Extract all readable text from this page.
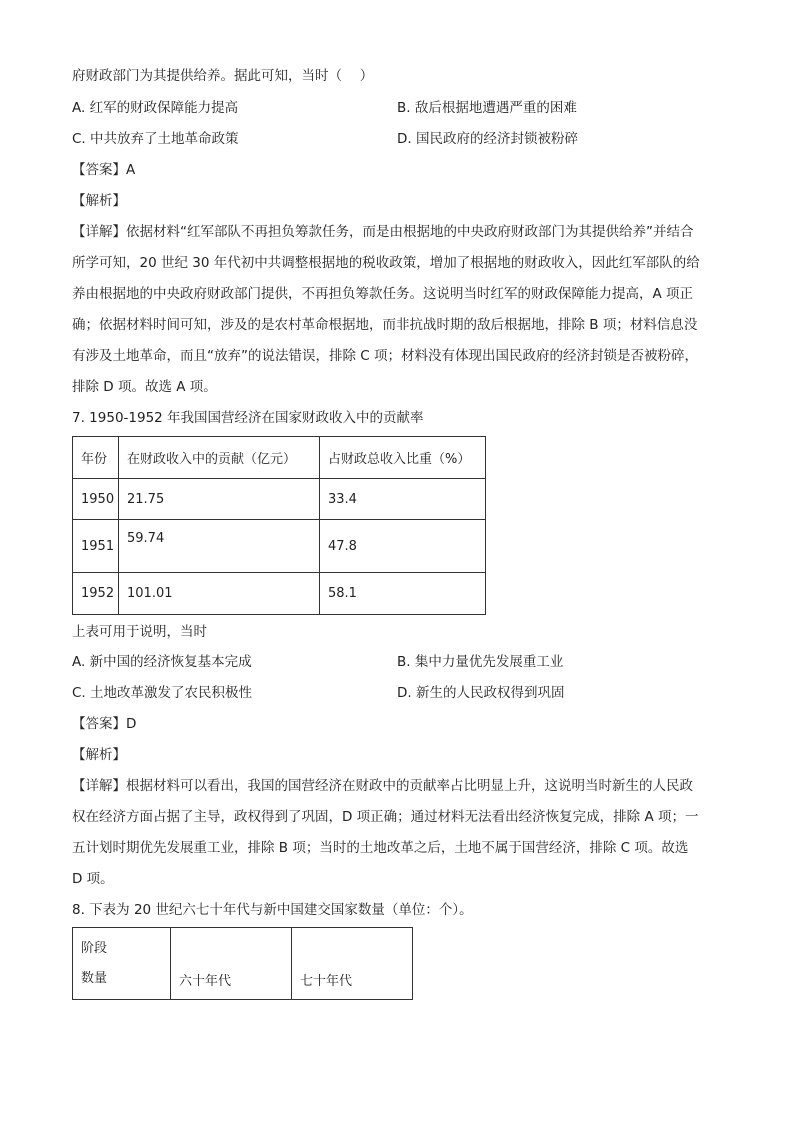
府财政部门为其提供给养。据此可知，当时（　 ）
A. 红军的财政保障能力提高	B. 敌后根据地遭遇严重的困难
C. 中共放弃了土地革命政策	D. 国民政府的经济封锁被粉碎
【答案】A
【解析】
【详解】依据材料“红军部队不再担负筹款任务，而是由根据地的中央政府财政部门为其提供给养”并结合
所学可知，20 世纪 30 年代初中共调整根据地的税收政策，增加了根据地的财政收入，因此红军部队的给
养由根据地的中央政府财政部门提供，不再担负筹款任务。这说明当时红军的财政保障能力提高，A 项正
确；依据材料时间可知，涉及的是农村革命根据地，而非抗战时期的敌后根据地，排除 B 项；材料信息没
有涉及土地革命，而且“放弃”的说法错误，排除 C 项；材料没有体现出国民政府的经济封锁是否被粉碎，
排除 D 项。故选 A 项。
7. 1950-1952 年我国国营经济在国家财政收入中的贡献率
年份	在财政收入中的贡献（亿元）	占财政总收入比重（%）
1950	21.75	33.4
1951	59.74	47.8
1952	101.01	58.1
上表可用于说明，当时
A. 新中国的经济恢复基本完成	B. 集中力量优先发展重工业
C. 土地改革激发了农民积极性	D. 新生的人民政权得到巩固
【答案】D
【解析】
【详解】根据材料可以看出，我国的国营经济在财政中的贡献率占比明显上升，这说明当时新生的人民政
权在经济方面占据了主导，政权得到了巩固，D 项正确；通过材料无法看出经济恢复完成，排除 A 项；一
五计划时期优先发展重工业，排除 B 项；当时的土地改革之后，土地不属于国营经济，排除 C 项。故选
D 项。
8. 下表为 20 世纪六七十年代与新中国建交国家数量（单位：个）。
阶段
数量	六十年代	七十年代
